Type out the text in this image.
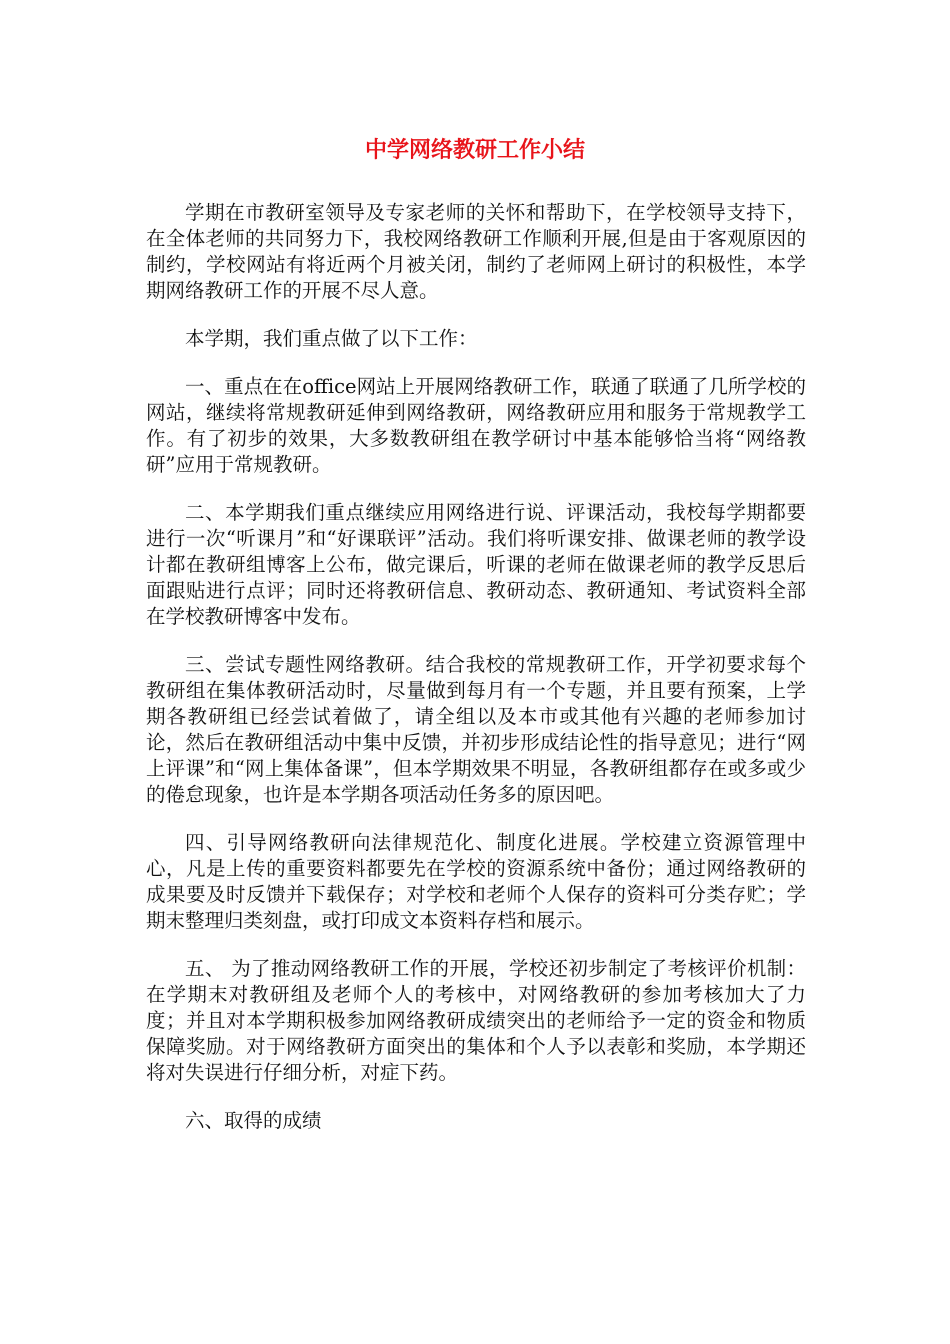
中学网络教研工作小结

学期在市教研室领导及专家老师的关怀和帮助下，在学校领导支持下，在全体老师的共同努力下，我校网络教研工作顺利开展,但是由于客观原因的制约，学校网站有将近两个月被关闭，制约了老师网上研讨的积极性，本学期网络教研工作的开展不尽人意。

本学期，我们重点做了以下工作：

一、重点在在office网站上开展网络教研工作，联通了联通了几所学校的网站，继续将常规教研延伸到网络教研，网络教研应用和服务于常规教学工作。有了初步的效果，大多数教研组在教学研讨中基本能够恰当将“网络教研”应用于常规教研。

二、本学期我们重点继续应用网络进行说、评课活动，我校每学期都要进行一次“听课月”和“好课联评”活动。我们将听课安排、做课老师的教学设计都在教研组博客上公布，做完课后，听课的老师在做课老师的教学反思后面跟贴进行点评；同时还将教研信息、教研动态、教研通知、考试资料全部在学校教研博客中发布。

三、尝试专题性网络教研。结合我校的常规教研工作，开学初要求每个教研组在集体教研活动时，尽量做到每月有一个专题，并且要有预案，上学期各教研组已经尝试着做了，请全组以及本市或其他有兴趣的老师参加讨论，然后在教研组活动中集中反馈，并初步形成结论性的指导意见；进行“网上评课”和“网上集体备课”，但本学期效果不明显，各教研组都存在或多或少的倦怠现象，也许是本学期各项活动任务多的原因吧。

四、引导网络教研向法律规范化、制度化进展。学校建立资源管理中心，凡是上传的重要资料都要先在学校的资源系统中备份；通过网络教研的成果要及时反馈并下载保存；对学校和老师个人保存的资料可分类存贮；学期末整理归类刻盘，或打印成文本资料存档和展示。

五、 为了推动网络教研工作的开展，学校还初步制定了考核评价机制：在学期末对教研组及老师个人的考核中，对网络教研的参加考核加大了力度；并且对本学期积极参加网络教研成绩突出的老师给予一定的资金和物质保障奖励。对于网络教研方面突出的集体和个人予以表彰和奖励，本学期还将对失误进行仔细分析，对症下药。

六、取得的成绩
